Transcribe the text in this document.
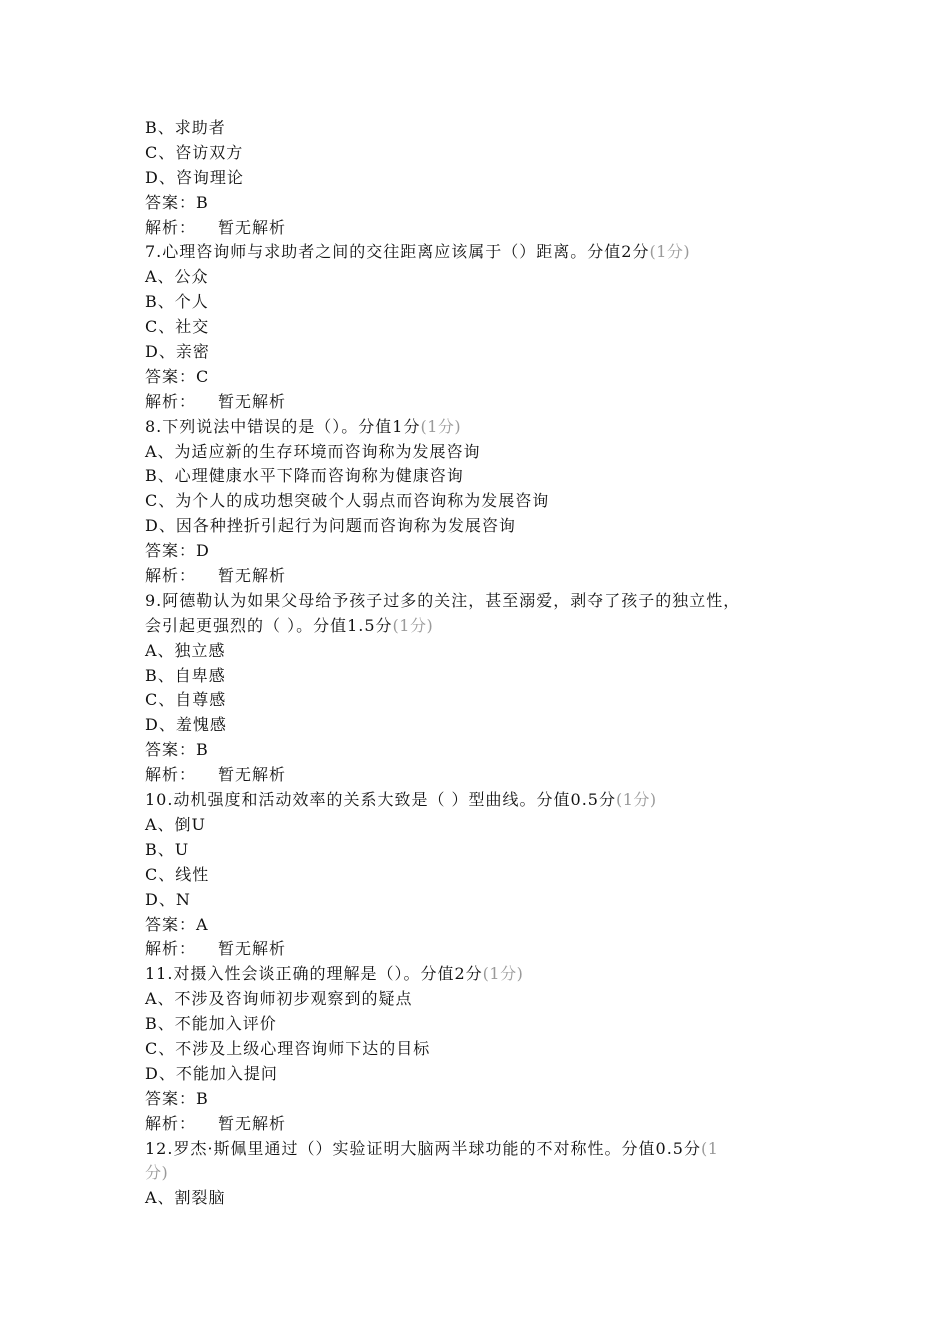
B、求助者
C、咨访双方
D、咨询理论
答案：B
解析： 暂无解析
7.心理咨询师与求助者之间的交往距离应该属于（）距离。分值2分(1分)
A、公众
B、个人
C、社交
D、亲密
答案：C
解析： 暂无解析
8.下列说法中错误的是（）。分值1分(1分)
A、为适应新的生存环境而咨询称为发展咨询
B、心理健康水平下降而咨询称为健康咨询
C、为个人的成功想突破个人弱点而咨询称为发展咨询
D、因各种挫折引起行为问题而咨询称为发展咨询
答案：D
解析： 暂无解析
9.阿德勒认为如果父母给予孩子过多的关注，甚至溺爱，剥夺了孩子的独立性，
会引起更强烈的（ ）。分值1.5分(1分)
A、独立感
B、自卑感
C、自尊感
D、羞愧感
答案：B
解析： 暂无解析
10.动机强度和活动效率的关系大致是（ ）型曲线。分值0.5分(1分)
A、倒U
B、U
C、线性
D、N
答案：A
解析： 暂无解析
11.对摄入性会谈正确的理解是（）。分值2分(1分)
A、不涉及咨询师初步观察到的疑点
B、不能加入评价
C、不涉及上级心理咨询师下达的目标
D、不能加入提问
答案：B
解析： 暂无解析
12.罗杰·斯佩里通过（）实验证明大脑两半球功能的不对称性。分值0.5分(1
分)
A、割裂脑
